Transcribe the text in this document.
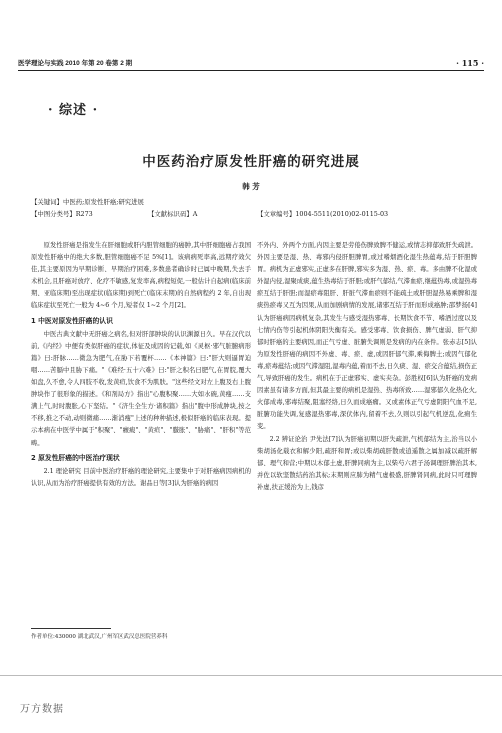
医学理论与实践 2010 年第 20 卷第 2 期	· 115 ·
· 综述 ·
中医药治疗原发性肝癌的研究进展
韩 芳
【关键词】中医药;原发性肝癌;研究进展
【中图分类号】R273	【文献标识码】A	【文章编号】1004-5511(2010)02-0115-03

原发性肝癌是指发生在肝细胞或肝内胆管细胞的癌肿,其中肝细胞癌占我国原发性肝癌中的绝大多数,胆管细胞癌不足 5%[1]。该病病死率高,远期疗效欠佳,其主要原因为早期诊断、早期治疗困难,多数患者确诊时已属中晚期,失去手术机会,且肝癌对放疗、化疗不敏感,复发率高,病程短促,一般估计自起病(临床前期、亚临床期)至出现症状(临床期)到死亡(临床末期)的自然病程约 2 年,自出现临床症状至死亡一般为 4~6 个月,短者仅 1~2 个月[2]。

1 中医对原发性肝癌的认识

中医古典文献中无肝癌之病名,但对肝部肿块的认识渊源日久。早在汉代以前,《内经》中便有类似肝癌的症状,体征及成因的记载,如《灵枢·邪气脏腑病形篇》曰:肝脉……微急为肥气,在胁下若覆杯……《本神篇》曰:"肝大则逼胃迫咽……苦膈中且胁下痛。"《难经·五十六难》曰:"肝之积名曰肥气,在胃脘,覆大如盘,久不愈,令人四肢不收,发黄疸,饮食不为肌肤。"这些经文对左上腹及右上腹肿块作了很形象的描述。《和剂局方》指出"心腹积聚……大如水碗,黄瘦……支满上气,时时腹胀,心下坚结。"《济生全生方·诸积篇》指出"腹中形成肿块,按之不移,推之不动,动则微痛……渐消瘦"上述的种种描述,极似肝癌的临床表现。提示本病在中医学中属于"积聚"、"癥瘕"、"黄疸"、"臌胀"、"胁痛"、"肝积"等范畴。

2 原发性肝癌的中医治疗现状

2.1 理论研究 目前中医治疗肝癌的理论研究,主要集中于对肝癌病因病机的认识,从而为治疗肝癌提供有效的方法。谢品日等[3]认为肝癌的病因

不外内、外两个方面,内因主要是劳倦伤脾致脾不健运,或情志抑郁致肝失疏泄。外因主要是湿、热、毒邪内侵肝胆脾胃,或过嗜烟酒化湿生热蕴毒,结于肝胆脾胃。病机为正虚邪实,正虚多在肝脾,邪实多为湿、热、瘀、毒。多由脾不化湿或外湿内侵,湿聚成痰,蕴生热毒结于肝胆;或肝气郁结,气滞血瘀,继蕴热毒,或湿热毒瘀互结于肝胆;而湿瘀毒阻肝、肝脏气滞血瘀则不能疏土或肝胆湿热易乘脾和湿痰热瘀毒又互为因果,从而加剧病情的发展,诸邪互结于肝而形成癌肿;邵梦扬[4]认为肝癌病因病机复杂,其发生与感受湿热邪毒、长期饮食不节、嗜酒过度以及七情内伤等引起机体阴阳失衡有关。感受邪毒、饮食损伤、脾气虚弱、肝气抑郁时肝癌的主要病因,而正气亏虚、脏腑失调则是发病的内在条件。张赤志[5]认为原发性肝癌的病因不外虚、毒、瘀、虚,或因肝郁气滞,乘侮脾土;或因气郁化毒,瘀毒蕴结;或因气滞湿阻,湿毒内蕴,着而不去,日久痰、湿、瘀交合蕴结,损伤正气,导致肝癌的发生。病机在于正虚邪实、虚实夹杂。彭胜权[6]认为肝癌的发病因素虽有诸多方面,但其最主要的病机是湿热、热毒所致……湿邪郁久化热化火,火郁成毒,邪毒结聚,阻塞经络,日久而成癌瘤。又或素体正气亏虚阴阳气血不足,脏腑功能失调,复感湿热邪毒,深伏体内,留着不去,久则以引起气机逆乱,化痈生变。

2.2 辨证论治 尹先法[7]认为肝癌初期以肝失疏泄,气机郁结为主,治当以小柴胡汤化载衣和解少阳,疏肝和胃;或以柴胡疏肝散或逍遥散之属加减以疏肝解郁、理气和营;中期以木郁土虚,肝脾同病为主,以柴芍六君子汤调理肝脾治其本,并佐以软坚散结药治其标;末期则应肺为精气虚极盛,肝脾肾同病,此时只可理脾补虚,扶正缓治为上,钱彦

作者单位:430000 湖北武汉,广州军区武汉总医院营养科
万方数据
